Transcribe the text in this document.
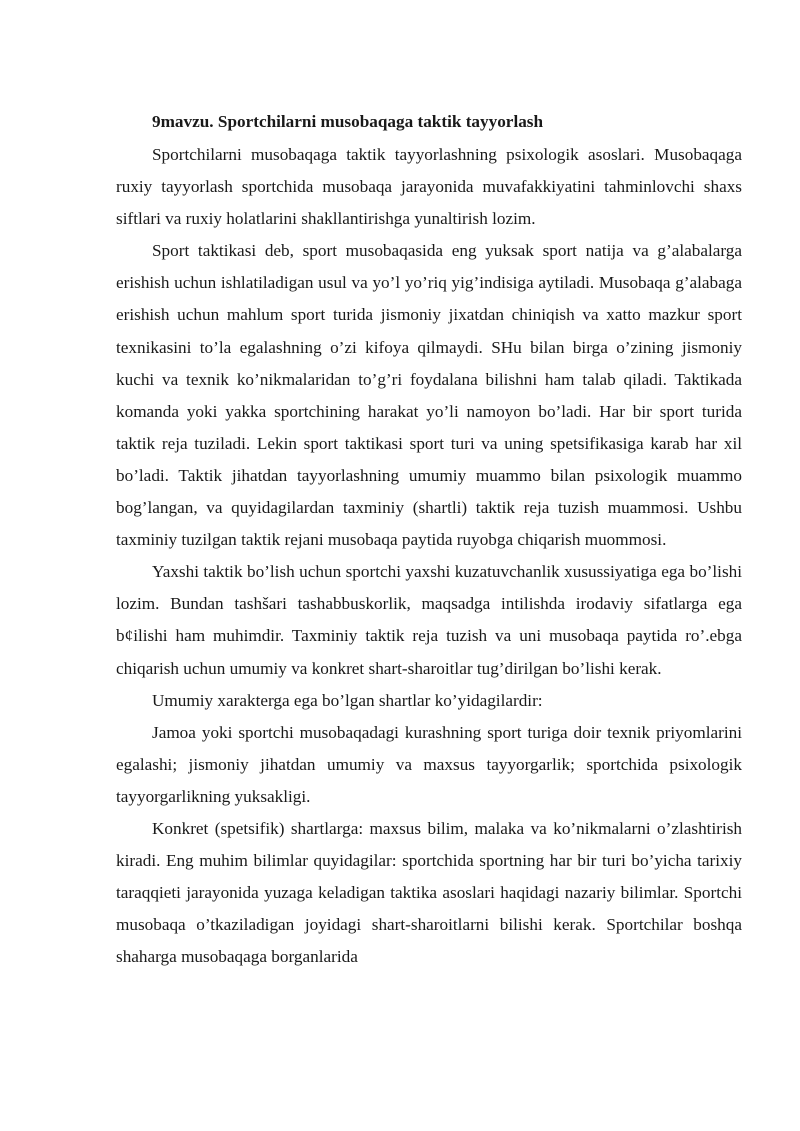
9mavzu. Sportchilarni musobaqaga taktik tayyorlash

Sportchilarni musobaqaga taktik tayyorlashning psixologik asoslari. Musobaqaga ruxiy tayyorlash sportchida musobaqa jarayonida muvafakkiyatini tahminlovchi shaxs siftlari va ruxiy holatlarini shakllantirishga yunaltirish lozim.

Sport taktikasi deb, sport musobaqasida eng yuksak sport natija va g’alabalarga erishish uchun ishlatiladigan usul va yo’l yo’riq yig’indisiga aytiladi. Musobaqa g’alabaga erishish uchun mahlum sport turida jismoniy jixatdan chiniqish va xatto mazkur sport texnikasini to’la egalashning o’zi kifoya qilmaydi. SHu bilan birga o’zining jismoniy kuchi va texnik ko’nikmalaridan to’g’ri foydalana bilishni ham talab qiladi. Taktikada komanda yoki yakka sportchining harakat yo’li namoyon bo’ladi. Har bir sport turida taktik reja tuziladi. Lekin sport taktikasi sport turi va uning spetsifikasiga karab har xil bo’ladi. Taktik jihatdan tayyorlashning umumiy muammo bilan psixologik muammo bog’langan, va quyidagilardan taxminiy (shartli) taktik reja tuzish muammosi. Ushbu taxminiy tuzilgan taktik rejani musobaqa paytida ruyobga chiqarish muommosi.

Yaxshi taktik bo’lish uchun sportchi yaxshi kuzatuvchanlik xusussiyatiga ega bo’lishi lozim. Bundan tashšari tashabbuskorlik, maqsadga intilishda irodaviy sifatlarga ega b¢ilishi ham muhimdir. Taxminiy taktik reja tuzish va uni musobaqa paytida ro’.ebga chiqarish uchun umumiy va konkret shart-sharoitlar tug’dirilgan bo’lishi kerak.

Umumiy xarakterga ega bo’lgan shartlar ko’yidagilardir:

Jamoa yoki sportchi musobaqadagi kurashning sport turiga doir texnik priyomlarini egalashi; jismoniy jihatdan umumiy va maxsus tayyorgarlik; sportchida psixologik tayyorgarlikning yuksakligi.

Konkret (spetsifik) shartlarga: maxsus bilim, malaka va ko’nikmalarni o’zlashtirish kiradi. Eng muhim bilimlar quyidagilar: sportchida sportning har bir turi bo’yicha tarixiy taraqqieti jarayonida yuzaga keladigan taktika asoslari haqidagi nazariy bilimlar. Sportchi musobaqa o’tkaziladigan joyidagi shart-sharoitlarni bilishi kerak. Sportchilar boshqa shaharga musobaqaga borganlarida
